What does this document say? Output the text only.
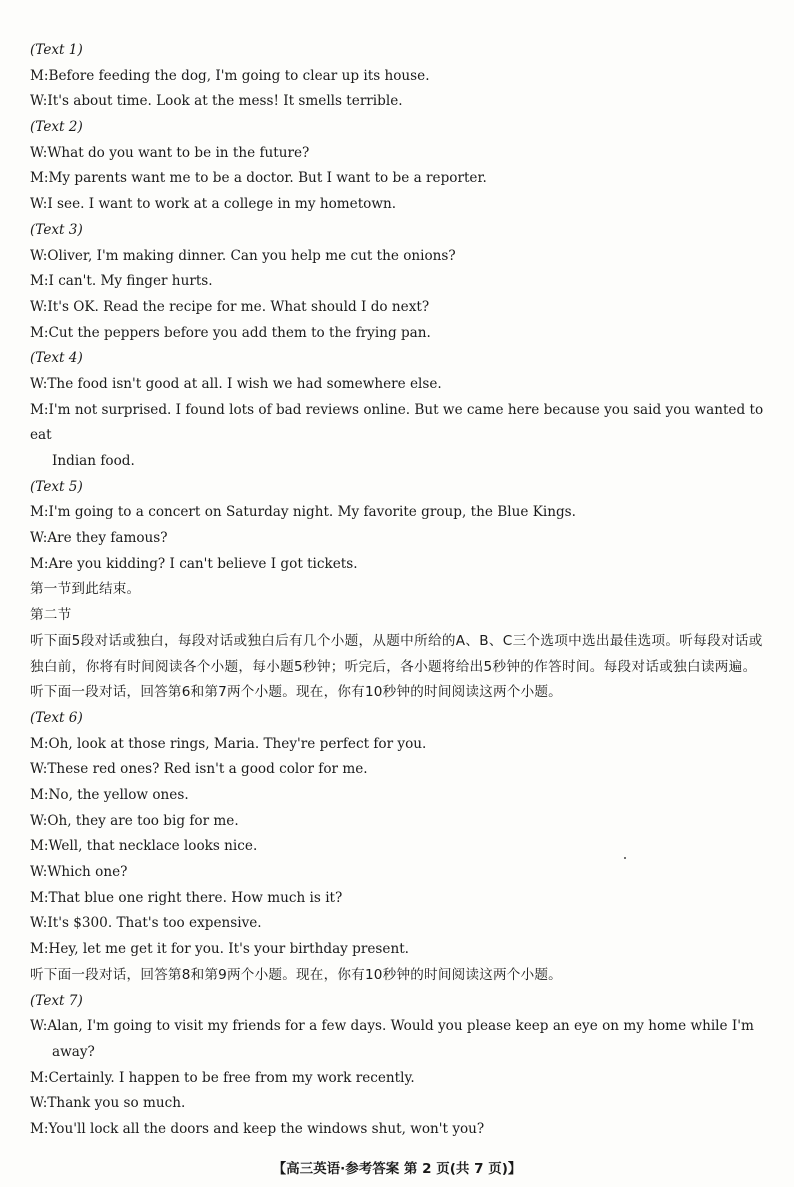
(Text 1)
M:Before feeding the dog, I'm going to clear up its house.
W:It's about time. Look at the mess! It smells terrible.
(Text 2)
W:What do you want to be in the future?
M:My parents want me to be a doctor. But I want to be a reporter.
W:I see. I want to work at a college in my hometown.
(Text 3)
W:Oliver, I'm making dinner. Can you help me cut the onions?
M:I can't. My finger hurts.
W:It's OK. Read the recipe for me. What should I do next?
M:Cut the peppers before you add them to the frying pan.
(Text 4)
W:The food isn't good at all. I wish we had somewhere else.
M:I'm not surprised. I found lots of bad reviews online. But we came here because you said you wanted to eat
Indian food.
(Text 5)
M:I'm going to a concert on Saturday night. My favorite group, the Blue Kings.
W:Are they famous?
M:Are you kidding? I can't believe I got tickets.
第一节到此结束。
第二节
听下面5段对话或独白，每段对话或独白后有几个小题，从题中所给的A、B、C三个选项中选出最佳选项。听每段对话或独白前，你将有时间阅读各个小题，每小题5秒钟；听完后，各小题将给出5秒钟的作答时间。每段对话或独白读两遍。
听下面一段对话，回答第6和第7两个小题。现在，你有10秒钟的时间阅读这两个小题。
(Text 6)
M:Oh, look at those rings, Maria. They're perfect for you.
W:These red ones? Red isn't a good color for me.
M:No, the yellow ones.
W:Oh, they are too big for me.
M:Well, that necklace looks nice.
W:Which one?
M:That blue one right there. How much is it?
W:It's $300. That's too expensive.
M:Hey, let me get it for you. It's your birthday present.
听下面一段对话，回答第8和第9两个小题。现在，你有10秒钟的时间阅读这两个小题。
(Text 7)
W:Alan, I'm going to visit my friends for a few days. Would you please keep an eye on my home while I'm
away?
M:Certainly. I happen to be free from my work recently.
W:Thank you so much.
M:You'll lock all the doors and keep the windows shut, won't you?
【高三英语·参考答案 第 2 页(共 7 页)】
